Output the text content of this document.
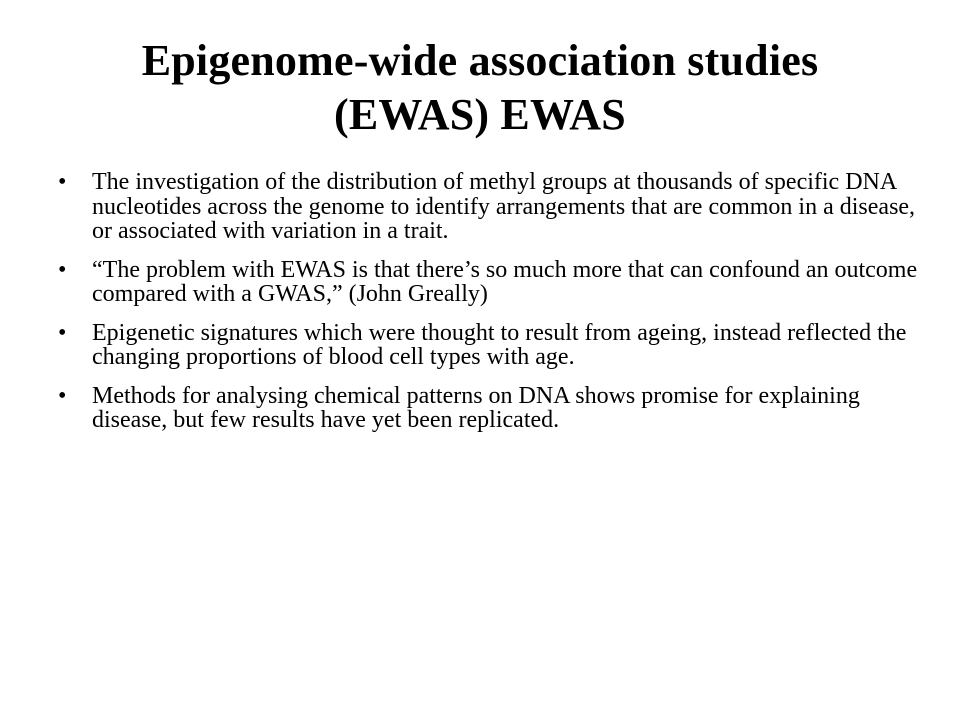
Epigenome-wide association studies
(EWAS) EWAS
•	The investigation of the distribution of methyl groups at thousands of specific DNA nucleotides across the genome to identify arrangements that are common in a disease, or associated with variation in a trait.
•	“The problem with EWAS is that there’s so much more that can confound an outcome compared with a GWAS,” (John Greally)
•	Epigenetic signatures which were thought to result from ageing, instead reflected the changing proportions of blood cell types with age.
•	Methods for analysing chemical patterns on DNA shows promise for explaining disease, but few results have yet been replicated.
